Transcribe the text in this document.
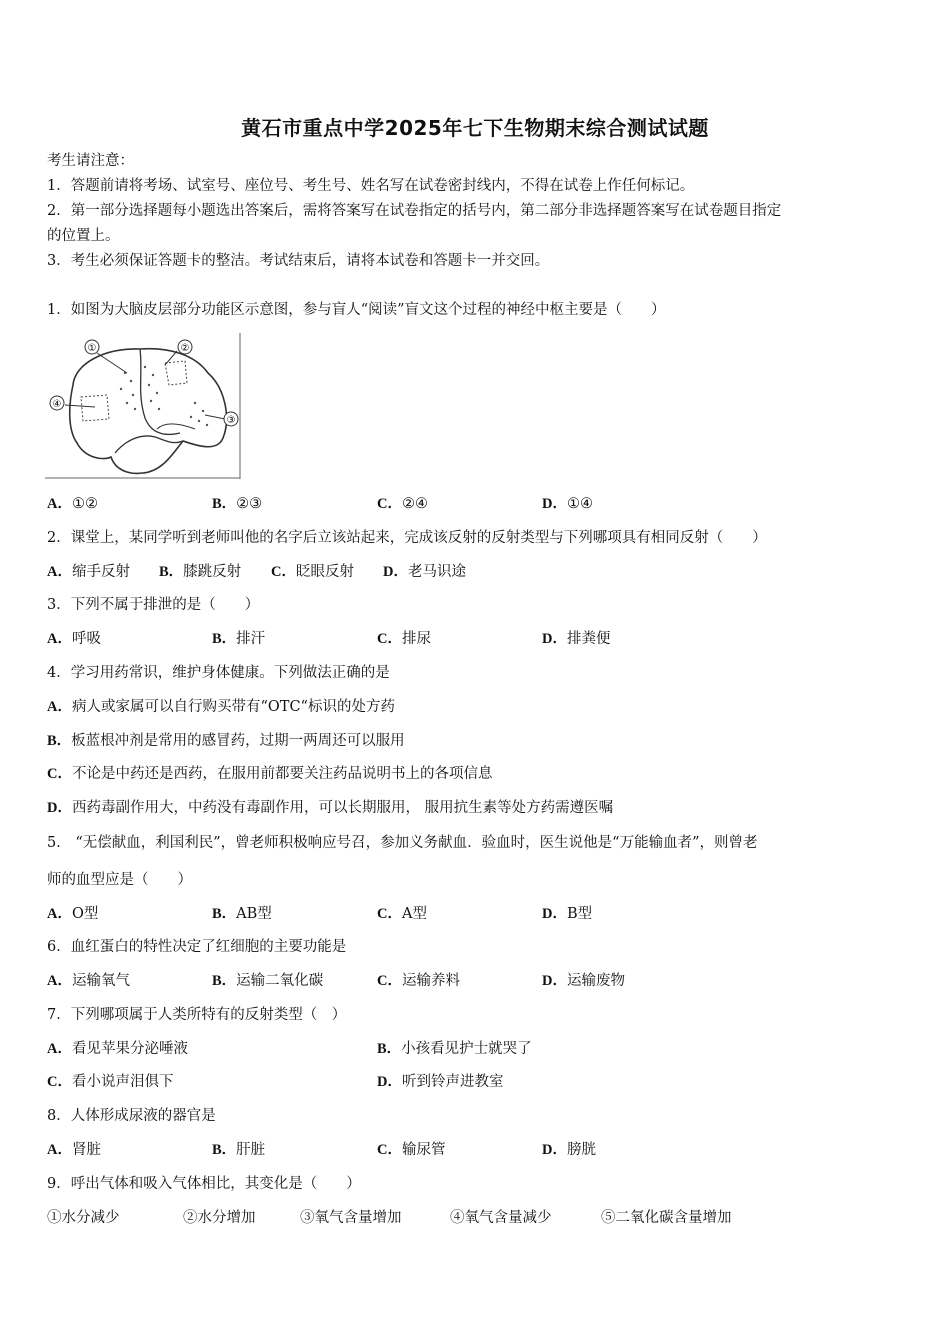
黄石市重点中学2025年七下生物期末综合测试试题
考生请注意：
1．答题前请将考场、试室号、座位号、考生号、姓名写在试卷密封线内，不得在试卷上作任何标记。
2．第一部分选择题每小题选出答案后，需将答案写在试卷指定的括号内，第二部分非选择题答案写在试卷题目指定
的位置上。
3．考生必须保证答题卡的整洁。考试结束后，请将本试卷和答题卡一并交回。
1．如图为大脑皮层部分功能区示意图，参与盲人“阅读”盲文这个过程的神经中枢主要是（　　）
①	②
③
④
A．①②	B．②③	C．②④	D．①④
2．课堂上，某同学听到老师叫他的名字后立该站起来，完成该反射的反射类型与下列哪项具有相同反射（　　）
A．缩手反射 B．膝跳反射 C．眨眼反射 D．老马识途
3．下列不属于排泄的是（　　）
A．呼吸	B．排汗	C．排尿	D．排粪便
4．学习用药常识，维护身体健康。下列做法正确的是
A．病人或家属可以自行购买带有“OTC“标识的处方药
B．板蓝根冲剂是常用的感冒药，过期一两周还可以服用
C．不论是中药还是西药，在服用前都要关注药品说明书上的各项信息
D．西药毒副作用大，中药没有毒副作用，可以长期服用， 服用抗生素等处方药需遵医嘱
5． “无偿献血，利国利民”，曾老师积极响应号召，参加义务献血．验血时，医生说他是“万能输血者”，则曾老
师的血型应是（　　）
A．O型	B．AB型	C．A型	D．B型
6．血红蛋白的特性决定了红细胞的主要功能是
A．运输氧气	B．运输二氧化碳	C．运输养料	D．运输废物
7．下列哪项属于人类所特有的反射类型（　）
A．看见苹果分泌唾液	B．小孩看见护士就哭了
C．看小说声泪俱下	D．听到铃声进教室
8．人体形成尿液的器官是
A．肾脏	B．肝脏	C．输尿管	D．膀胱
9．呼出气体和吸入气体相比，其变化是（　　）
①水分减少	②水分增加	③氧气含量增加	④氧气含量减少	⑤二氧化碳含量增加
